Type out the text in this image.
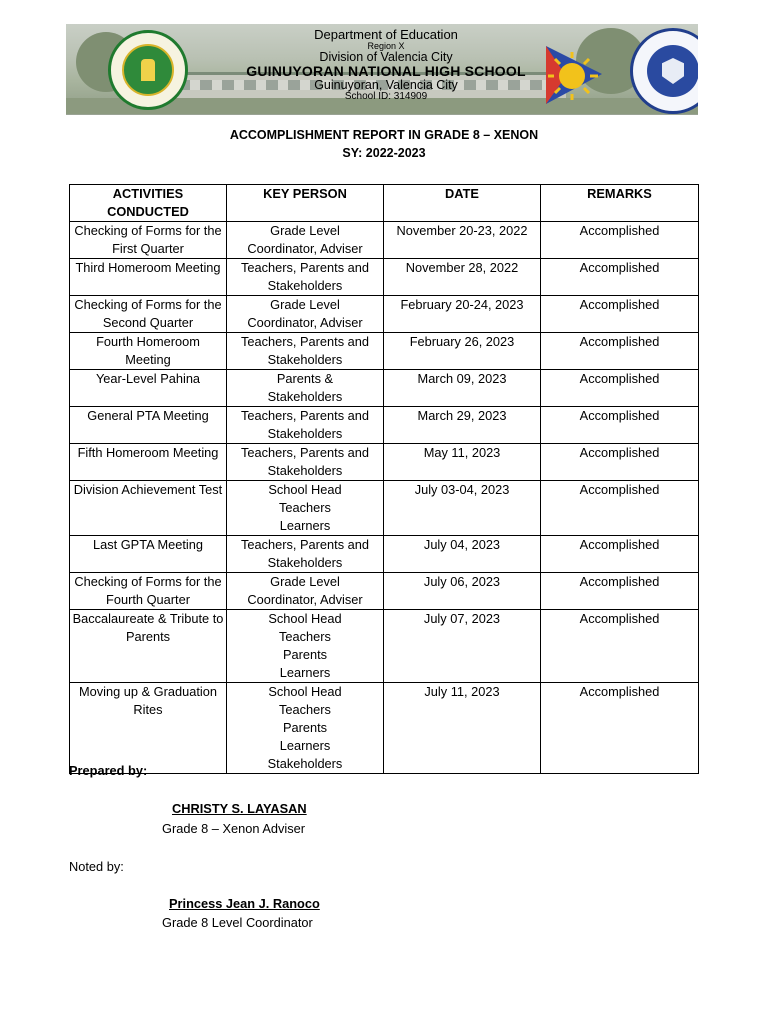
Department of Education
Region X
Division of Valencia City
GUINUYORAN NATIONAL HIGH SCHOOL
Guinuyoran, Valencia City
School ID: 314909
ACCOMPLISHMENT REPORT IN GRADE 8 – XENON
SY: 2022-2023
ACTIVITIES CONDUCTED	KEY PERSON	DATE	REMARKS
Checking of Forms for the First Quarter	Grade Level
Coordinator, Adviser	November 20-23, 2022	Accomplished
Third Homeroom Meeting	Teachers, Parents and
Stakeholders	November 28, 2022	Accomplished
Checking of Forms for the Second Quarter	Grade Level
Coordinator, Adviser	February 20-24, 2023	Accomplished
Fourth Homeroom Meeting	Teachers, Parents and
Stakeholders	February 26, 2023	Accomplished
Year-Level Pahina	Parents &
Stakeholders	March 09, 2023	Accomplished
General PTA Meeting	Teachers, Parents and
Stakeholders	March 29, 2023	Accomplished
Fifth Homeroom Meeting	Teachers, Parents and
Stakeholders	May 11, 2023	Accomplished
Division Achievement Test	School Head
Teachers
Learners	July 03-04, 2023	Accomplished
Last GPTA Meeting	Teachers, Parents and
Stakeholders	July 04, 2023	Accomplished
Checking of Forms for the Fourth Quarter	Grade Level
Coordinator, Adviser	July 06, 2023	Accomplished
Baccalaureate & Tribute to Parents	School Head
Teachers
Parents
Learners	July 07, 2023	Accomplished
Moving up & Graduation Rites	School Head
Teachers
Parents
Learners
Stakeholders	July 11, 2023	Accomplished
Prepared by:
CHRISTY S. LAYASAN
Grade 8 – Xenon Adviser
Noted by:
Princess Jean J. Ranoco
Grade 8 Level Coordinator
